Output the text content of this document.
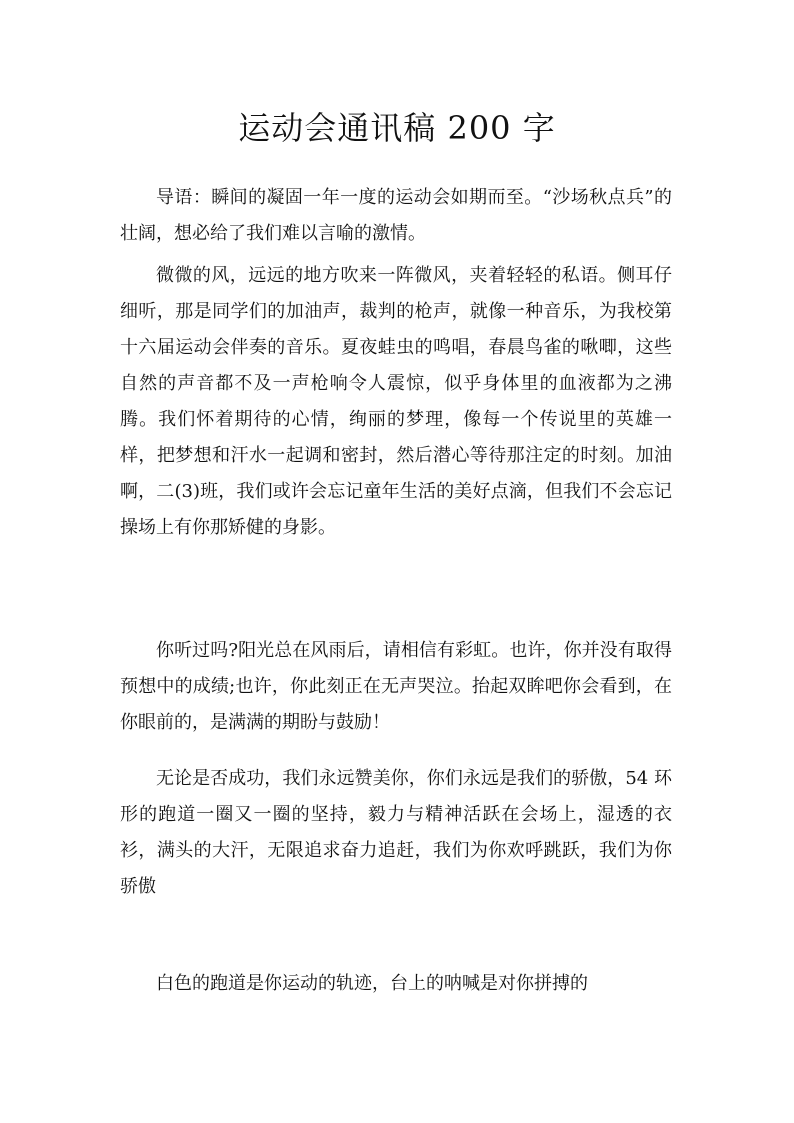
运动会通讯稿 200 字

导语：瞬间的凝固一年一度的运动会如期而至。“沙场秋点兵”的壮阔，想必给了我们难以言喻的激情。

微微的风，远远的地方吹来一阵微风，夹着轻轻的私语。侧耳仔细听，那是同学们的加油声，裁判的枪声，就像一种音乐，为我校第十六届运动会伴奏的音乐。夏夜蛙虫的鸣唱，春晨鸟雀的啾唧，这些自然的声音都不及一声枪响令人震惊，似乎身体里的血液都为之沸腾。我们怀着期待的心情，绚丽的梦理，像每一个传说里的英雄一样，把梦想和汗水一起调和密封，然后潜心等待那注定的时刻。加油啊，二(3)班，我们或许会忘记童年生活的美好点滴，但我们不会忘记操场上有你那矫健的身影。

你听过吗?阳光总在风雨后，请相信有彩虹。也许，你并没有取得预想中的成绩;也许，你此刻正在无声哭泣。抬起双眸吧你会看到，在你眼前的，是满满的期盼与鼓励！

无论是否成功，我们永远赞美你，你们永远是我们的骄傲，54 环形的跑道一圈又一圈的坚持，毅力与精神活跃在会场上，湿透的衣衫，满头的大汗，无限追求奋力追赶，我们为你欢呼跳跃，我们为你骄傲

白色的跑道是你运动的轨迹，台上的呐喊是对你拼搏的
